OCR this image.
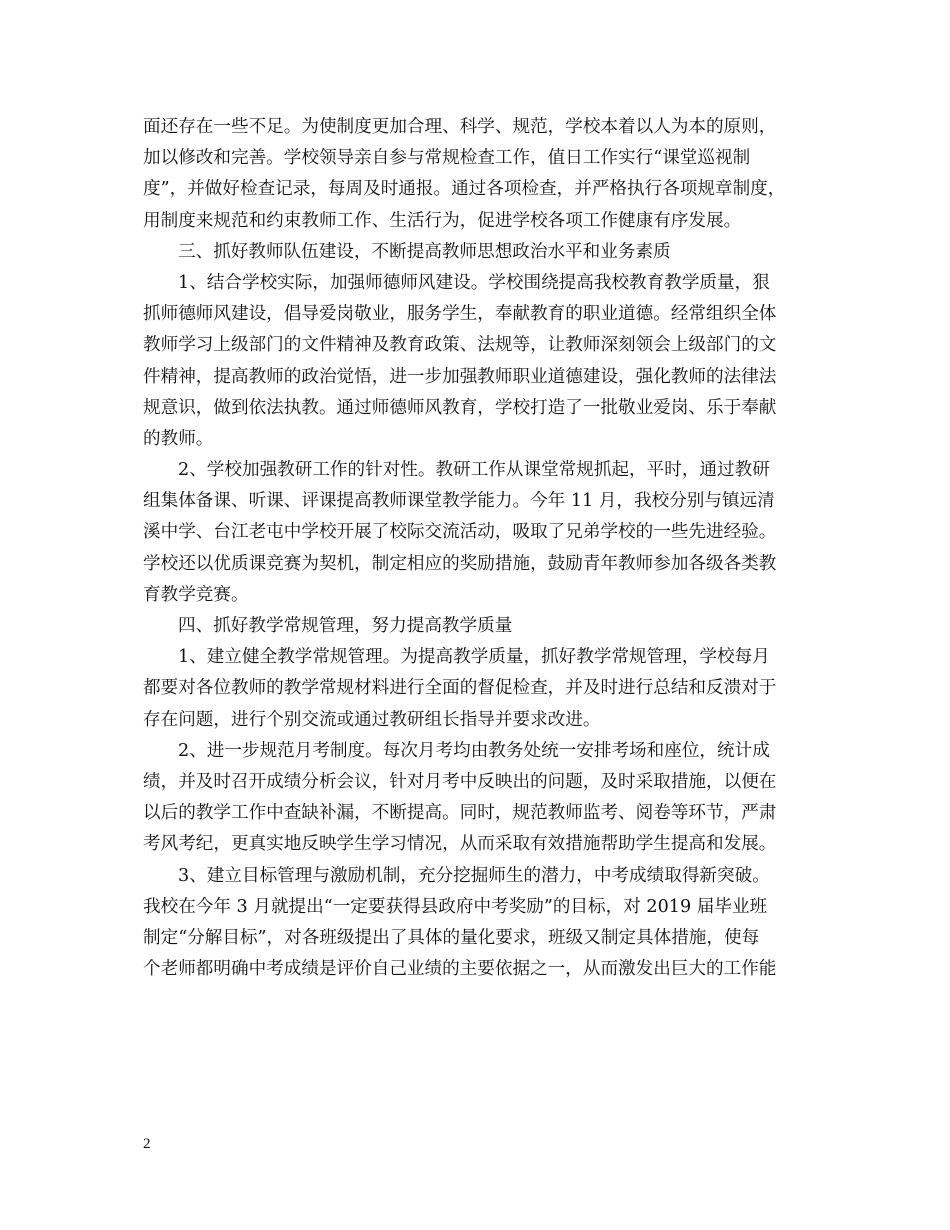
面还存在一些不足。为使制度更加合理、科学、规范，学校本着以人为本的原则，
加以修改和完善。学校领导亲自参与常规检查工作，值日工作实行“课堂巡视制
度”，并做好检查记录，每周及时通报。通过各项检查，并严格执行各项规章制度，
用制度来规范和约束教师工作、生活行为，促进学校各项工作健康有序发展。
三、抓好教师队伍建设，不断提高教师思想政治水平和业务素质
1、结合学校实际，加强师德师风建设。学校围绕提高我校教育教学质量，狠
抓师德师风建设，倡导爱岗敬业，服务学生，奉献教育的职业道德。经常组织全体
教师学习上级部门的文件精神及教育政策、法规等，让教师深刻领会上级部门的文
件精神，提高教师的政治觉悟，进一步加强教师职业道德建设，强化教师的法律法
规意识，做到依法执教。通过师德师风教育，学校打造了一批敬业爱岗、乐于奉献
的教师。
2、学校加强教研工作的针对性。教研工作从课堂常规抓起，平时，通过教研
组集体备课、听课、评课提高教师课堂教学能力。今年 11 月，我校分别与镇远清
溪中学、台江老屯中学校开展了校际交流活动，吸取了兄弟学校的一些先进经验。
学校还以优质课竞赛为契机，制定相应的奖励措施，鼓励青年教师参加各级各类教
育教学竞赛。
四、抓好教学常规管理，努力提高教学质量
1、建立健全教学常规管理。为提高教学质量，抓好教学常规管理，学校每月
都要对各位教师的教学常规材料进行全面的督促检查，并及时进行总结和反溃对于
存在问题，进行个别交流或通过教研组长指导并要求改进。
2、进一步规范月考制度。每次月考均由教务处统一安排考场和座位，统计成
绩，并及时召开成绩分析会议，针对月考中反映出的问题，及时采取措施，以便在
以后的教学工作中查缺补漏，不断提高。同时，规范教师监考、阅卷等环节，严肃
考风考纪，更真实地反映学生学习情况，从而采取有效措施帮助学生提高和发展。
3、建立目标管理与激励机制，充分挖掘师生的潜力，中考成绩取得新突破。
我校在今年 3 月就提出“一定要获得县政府中考奖励”的目标，对 2019 届毕业班
制定“分解目标”，对各班级提出了具体的量化要求，班级又制定具体措施，使每
个老师都明确中考成绩是评价自己业绩的主要依据之一，从而激发出巨大的工作能
2
